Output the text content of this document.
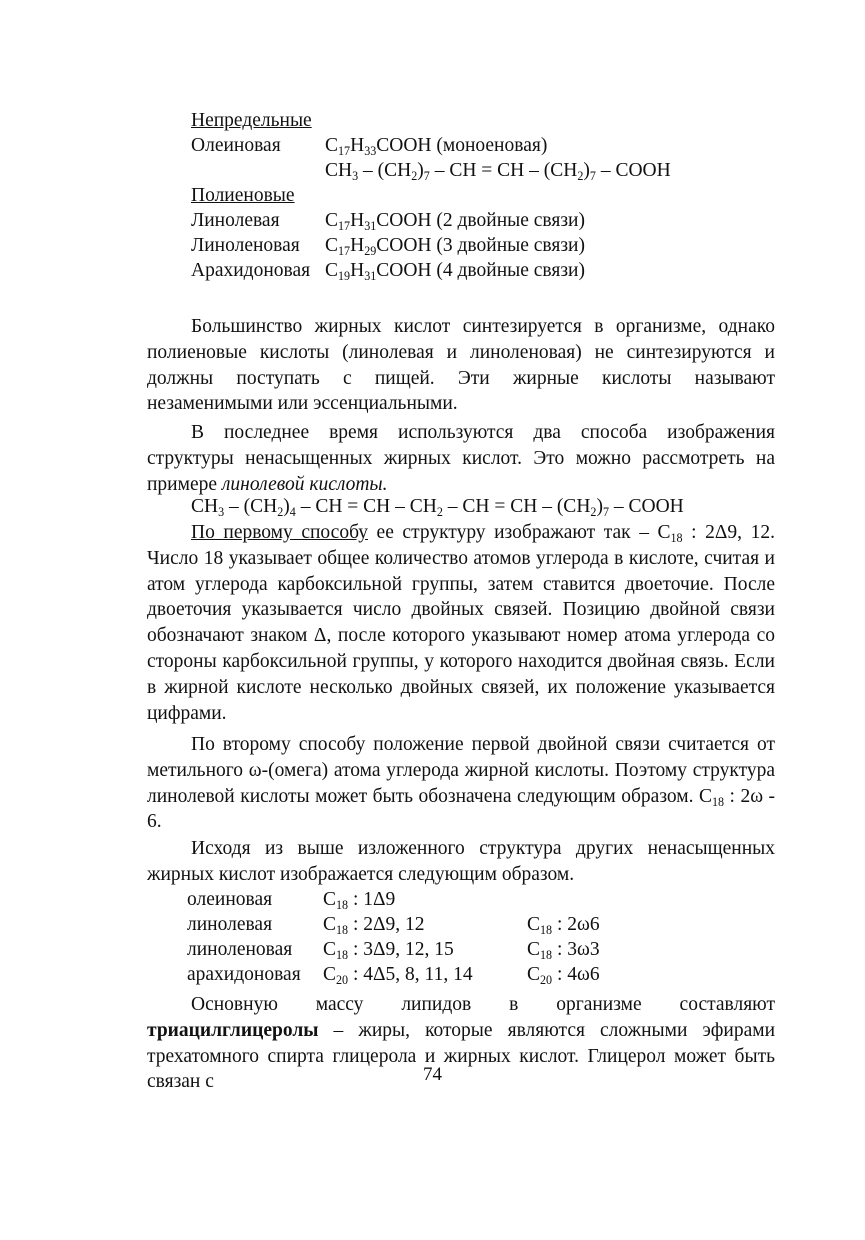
Непредельные
Олеиновая	$C_{17}H_{33}COOH$ (моноеновая)
$CH_3 - (CH_2)_7$ – CH = CH – $(CH_2)_7$ – COOH
Полиеновые
Линолевая	$C_{17}H_{31}COOH$ (2 двойные связи)
Линоленовая	$C_{17}H_{29}COOH$ (3 двойные связи)
Арахидоновая $C_{19}H_{31}COOH$ (4 двойные связи)
Большинство жирных кислот синтезируется в организме, однако полиеновые кислоты (линолевая и линоленовая) не синтезируются и должны поступать с пищей. Эти жирные кислоты называют незаменимыми или эссенциальными.
В последнее время используются два способа изображения структуры ненасыщенных жирных кислот. Это можно рассмотреть на примере линолевой кислоты.
$CH_3 - (CH_2)_4$ – CH = CH – $CH_2$ – CH = CH – $(CH_2)_7$ – COOH
По первому способу ее структуру изображают так – $C_{18}$ : 2Δ9, 12. Число 18 указывает общее количество атомов углерода в кислоте, считая и атом углерода карбоксильной группы, затем ставится двоеточие. После двоеточия указывается число двойных связей. Позицию двойной связи обозначают знаком Δ, после которого указывают номер атома углерода со стороны карбоксильной группы, у которого находится двойная связь. Если в жирной кислоте несколько двойных связей, их положение указывается цифрами.
По второму способу положение первой двойной связи считается от метильного ω-(омега) атома углерода жирной кислоты. Поэтому структура линолевой кислоты может быть обозначена следующим образом. $C_{18}$ : 2ω - 6.
Исходя из выше изложенного структура других ненасыщенных жирных кислот изображается следующим образом.
олеиновая	$C_{18}$ : 1Δ9
линолевая	$C_{18}$ : 2Δ9, 12	$C_{18}$ : 2ω6
линоленовая	$C_{18}$ : 3Δ9, 12, 15	$C_{18}$ : 3ω3
арахидоновая	$C_{20}$ : 4Δ5, 8, 11, 14	$C_{20}$ : 4ω6
Основную массу липидов в организме составляют триацилглицеролы – жиры, которые являются сложными эфирами трехатомного спирта глицерола и жирных кислот. Глицерол может быть связан с	74
